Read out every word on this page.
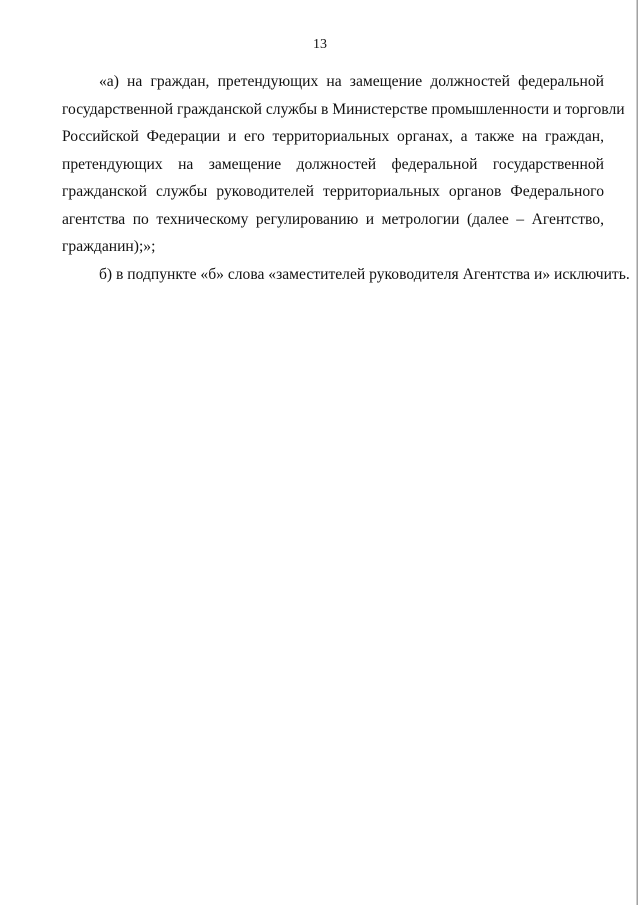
13
«а) на граждан, претендующих на замещение должностей федеральной
государственной гражданской службы в Министерстве промышленности и торговли
Российской Федерации и его территориальных органах, а также на граждан,
претендующих на замещение должностей федеральной государственной
гражданской службы руководителей территориальных органов Федерального
агентства по техническому регулированию и метрологии (далее – Агентство,
гражданин);»;
б) в подпункте «б» слова «заместителей руководителя Агентства и» исключить.
